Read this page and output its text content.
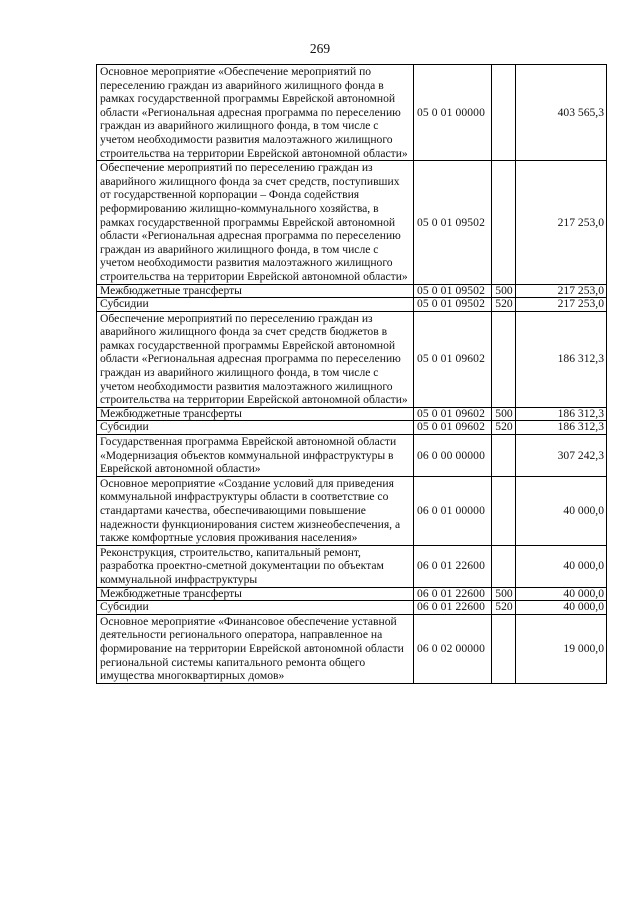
269
Основное мероприятие «Обеспечение мероприятий по переселению граждан из аварийного жилищного фонда в рамках государственной программы Еврейской автономной области «Региональная адресная программа по переселению граждан из аварийного жилищного фонда, в том числе с учетом необходимости развития малоэтажного жилищного строительства на территории Еврейской автономной области»	05 0 01 00000		403 565,3
Обеспечение мероприятий по переселению граждан из аварийного жилищного фонда за счет средств, поступивших от государственной корпорации – Фонда содействия реформированию жилищно-коммунального хозяйства, в рамках государственной программы Еврейской автономной области «Региональная адресная программа по переселению граждан из аварийного жилищного фонда, в том числе с учетом необходимости развития малоэтажного жилищного строительства на территории Еврейской автономной области»	05 0 01 09502		217 253,0
Межбюджетные трансферты	05 0 01 09502	500	217 253,0
Субсидии	05 0 01 09502	520	217 253,0
Обеспечение мероприятий по переселению граждан из аварийного жилищного фонда за счет средств бюджетов в рамках государственной программы Еврейской автономной области «Региональная адресная программа по переселению граждан из аварийного жилищного фонда, в том числе с учетом необходимости развития малоэтажного жилищного строительства на территории Еврейской автономной области»	05 0 01 09602		186 312,3
Межбюджетные трансферты	05 0 01 09602	500	186 312,3
Субсидии	05 0 01 09602	520	186 312,3
Государственная программа Еврейской автономной области «Модернизация объектов коммунальной инфраструктуры в Еврейской автономной области»	06 0 00 00000		307 242,3
Основное мероприятие «Создание условий для приведения коммунальной инфраструктуры области в соответствие со стандартами качества, обеспечивающими повышение надежности функционирования систем жизнеобеспечения, а также комфортные условия проживания населения»	06 0 01 00000		40 000,0
Реконструкция, строительство, капитальный ремонт, разработка проектно-сметной документации по объектам коммунальной инфраструктуры	06 0 01 22600		40 000,0
Межбюджетные трансферты	06 0 01 22600	500	40 000,0
Субсидии	06 0 01 22600	520	40 000,0
Основное мероприятие «Финансовое обеспечение уставной деятельности регионального оператора, направленное на формирование на территории Еврейской автономной области региональной системы капитального ремонта общего имущества многоквартирных домов»	06 0 02 00000		19 000,0
